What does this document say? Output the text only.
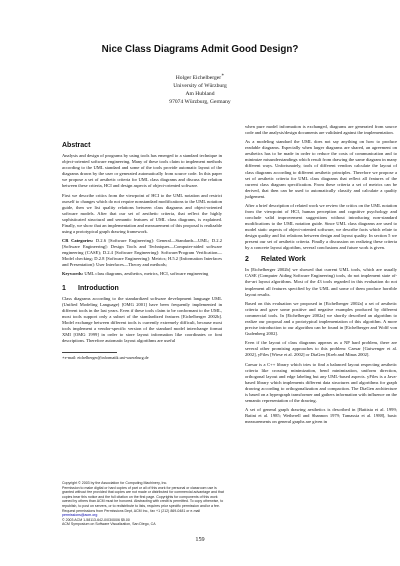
Nice Class Diagrams Admit Good Design?
Holger Eichelberger∗
University of Würzburg
Am Hubland
97074 Würzburg, Germany
Abstract

Analysis and design of programs by using tools has emerged to a standard technique in object-oriented software engineering. Many of these tools claim to implement methods according to the UML standard and some of the tools provide automatic layout of the diagrams drawn by the user or generated automatically from source code. In this paper we propose a set of aesthetic criteria for UML class diagrams and discuss the relation between these criteria, HCI and design aspects of object-oriented software.

First we describe critics from the viewpoint of HCI to the UML notation and restrict ourself to changes which do not require nonstandard modifications to the UML notation guide, then we list quality relations between class diagrams and object-oriented software models. After that our set of aesthetic criteria, that reflect the highly sophisticated structural and semantic features of UML class diagrams, is explained. Finally, we show that an implementation and measurement of this proposal is realizable using a prototypical graph drawing framework.

CR Categories: D.2.6 [Software Engineering]: General—Standards—UML; D.2.2 [Software Engineering]: Design Tools and Techniques—Computer-aided software engineering (CASE); D.2.4 [Software Engineering]: Software/Program Verification—Model checking; D.2.8 [Software Engineering]: Metrics; H.5.2 [Information Interfaces and Presentation]: User Interfaces—Theory and methods;

Keywords: UML class diagrams, aesthetics, metrics, HCI, software engineering

1 Introduction

Class diagrams according to the standardized software development language UML (Unified Modeling Language) [OMG 2001] have been frequently implemented in different tools in the last years. Even if these tools claim to be conformant to the UML, most tools support only a subset of the standardized features [Eichelberger 2002b]. Model exchange between different tools is currently extremely difficult, because most tools implement a vendor-specific version of the standard model interchange format XMI [OMG 1999] in order to store layout information like coordinates or font descriptions. Therefore automatic layout algorithms are useful

∗e-mail: eichelberger@informatik.uni-wuerzburg.de
Copyright © 2003 by the Association for Computing Machinery, Inc.
Permission to make digital or hard copies of part or all of this work for personal or classroom use is granted without fee provided that copies are not made or distributed for commercial advantage and that copies bear this notice and the full citation on the first page. Copyrights for components of this work owned by others than ACM must be honored. Abstracting with credit is permitted. To copy otherwise, to republish, to post on servers, or to redistribute to lists, requires prior specific permission and/or a fee. Request permissions from Permissions Dept, ACM Inc., fax +1 (212) 869-0481 or e-mail permissions@acm.org
© 2003 ACM 1-58113-642-0/03/0006 $5.00
ACM Symposium on Software Visualization, San Diego, CA

when pure model information is exchanged, diagrams are generated from source code and the analysis/design documents are validated against the implementation.

As a modeling standard the UML does not say anything on how to produce readable diagrams. Especially when larger diagrams are shared, an agreement on aesthetics has to be made in order to reduce the costs of communication and to minimize misunderstandings which result from drawing the same diagram in many different ways. Unfortunately, tools of different vendors calculate the layout of class diagrams according to different aesthetic principles. Therefore we propose a set of aesthetic criteria for UML class diagrams that reflect all features of the current class diagram specification. From these criteria a set of metrics can be derived, that then can be used to automatically classify and calculate a quality judgement.

After a brief description of related work we review the critics on the UML notation from the viewpoint of HCI, human perception and cognitive psychology and conclude valid improvement suggestions without introducing non-standard modifications to the UML notation guide. Since UML class diagrams are used to model static aspects of object-oriented software, we describe facts which relate to design quality and list relations between design and layout quality. In section 5 we present our set of aesthetic criteria. Finally a discussion on realizing these criteria by a concrete layout algorithm, several conclusions and future work is given.

2 Related Work

In [Eichelberger 2002b] we showed that current UML tools, which are usually CASE (Computer Aiding Software Engineering) tools, do not implement state of-the-art layout algorithms. Most of the 43 tools regarded in this evaluation do not implement all features specified by the UML and some of them produce horrible layout results.

Based on this evaluation we proposed in [Eichelberger 2002a] a set of aesthetic criteria and gave some positive and negative examples produced by different commercial tools. In [Eichelberger 2002a] we shortly described an algorithm to realize our proposal and a prototypical implementation of this algorithm. A more precise introduction to our algorithm can be found in [Eichelberger and Wolff von Gudenberg 2002].

Even if the layout of class diagrams appears as a NP hard problem, there are several other promising approaches to this problem: Caesar [Gutwenger et al. 2002], yFiles [Wiese et al. 2002] or DiaGen [Kreb and Minas 2002].

Caesar is a C++ library which tries to find a balanced layout respecting aesthetic criteria like crossing minimization, bend minimization, uniform direction, orthogonal layout and edge labeling but any UML-based aspects. yFiles is a Java-based library which implements different data structures and algorithms for graph drawing according to orthogonalization and compaction. The DiaGen architecture is based on a hypergraph transformer and gathers information with influence on the semantic representation of the drawing.

A set of general graph drawing aesthetics is described in [Battista et al. 1999; Batini et al. 1985; Wetherell and Shannon 1979; Tamassia et al. 1988], basic measurements on general graphs are given in

159
